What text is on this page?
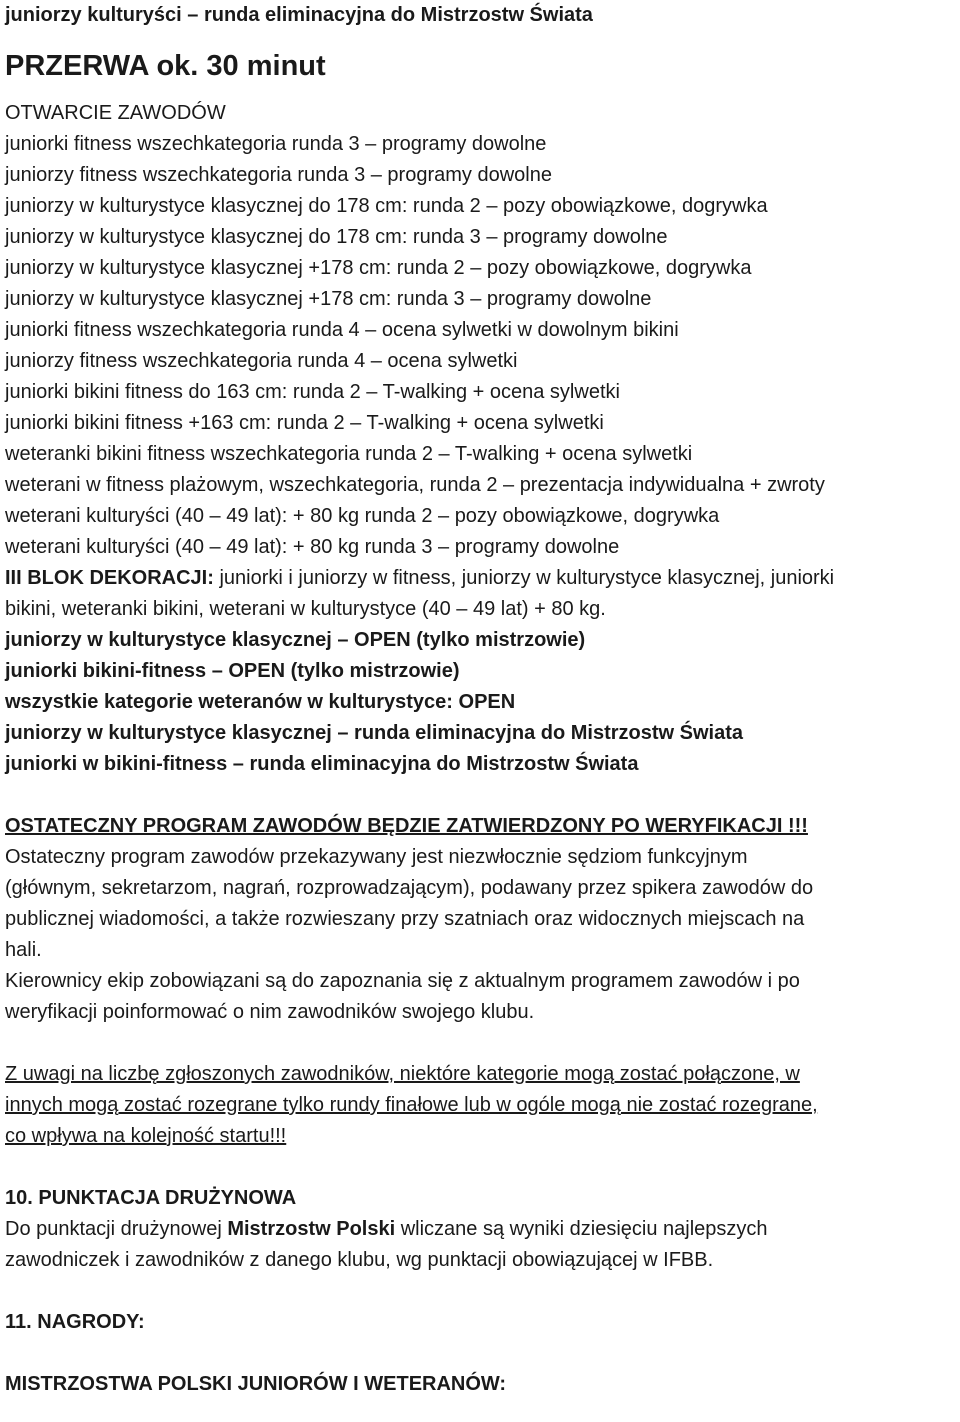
juniorzy kulturyści – runda eliminacyjna do Mistrzostw Świata
PRZERWA ok. 30 minut
OTWARCIE ZAWODÓW
juniorki fitness wszechkategoria runda 3 – programy dowolne
juniorzy fitness wszechkategoria runda 3 – programy dowolne
juniorzy w kulturystyce klasycznej do 178 cm: runda 2 – pozy obowiązkowe, dogrywka
juniorzy w kulturystyce klasycznej do 178 cm: runda 3 – programy dowolne
juniorzy w kulturystyce klasycznej +178 cm: runda 2 – pozy obowiązkowe, dogrywka
juniorzy w kulturystyce klasycznej +178 cm: runda 3 – programy dowolne
juniorki fitness wszechkategoria runda 4 – ocena sylwetki w dowolnym bikini
juniorzy fitness wszechkategoria runda 4 – ocena sylwetki
juniorki bikini fitness do 163 cm: runda 2 – T-walking + ocena sylwetki
juniorki bikini fitness +163 cm: runda 2 – T-walking + ocena sylwetki
weteranki bikini fitness wszechkategoria runda 2 – T-walking + ocena sylwetki
weterani w fitness plażowym, wszechkategoria, runda 2 – prezentacja indywidualna + zwroty
weterani kulturyści (40 – 49 lat): + 80 kg runda 2 – pozy obowiązkowe, dogrywka
weterani kulturyści (40 – 49 lat): + 80 kg runda 3 – programy dowolne
III BLOK DEKORACJI: juniorki i juniorzy w fitness, juniorzy w kulturystyce klasycznej, juniorki
bikini, weteranki bikini, weterani w kulturystyce (40 – 49 lat) + 80 kg.
juniorzy w kulturystyce klasycznej – OPEN (tylko mistrzowie)
juniorki bikini-fitness – OPEN (tylko mistrzowie)
wszystkie kategorie weteranów w kulturystyce: OPEN
juniorzy w kulturystyce klasycznej – runda eliminacyjna do Mistrzostw Świata
juniorki w bikini-fitness – runda eliminacyjna do Mistrzostw Świata
OSTATECZNY PROGRAM ZAWODÓW BĘDZIE ZATWIERDZONY PO WERYFIKACJI !!!
Ostateczny program zawodów przekazywany jest niezwłocznie sędziom funkcyjnym
(głównym, sekretarzom, nagrań, rozprowadzającym), podawany przez spikera zawodów do
publicznej wiadomości, a także rozwieszany przy szatniach oraz widocznych miejscach na
hali.
Kierownicy ekip zobowiązani są do zapoznania się z aktualnym programem zawodów i po
weryfikacji poinformować o nim zawodników swojego klubu.
Z uwagi na liczbę zgłoszonych zawodników, niektóre kategorie mogą zostać połączone, w
innych mogą zostać rozegrane tylko rundy finałowe lub w ogóle mogą nie zostać rozegrane,
co wpływa na kolejność startu!!!
10. PUNKTACJA DRUŻYNOWA
Do punktacji drużynowej Mistrzostw Polski wliczane są wyniki dziesięciu najlepszych
zawodniczek i zawodników z danego klubu, wg punktacji obowiązującej w IFBB.
11. NAGRODY:
MISTRZOSTWA POLSKI JUNIORÓW I WETERANÓW:
